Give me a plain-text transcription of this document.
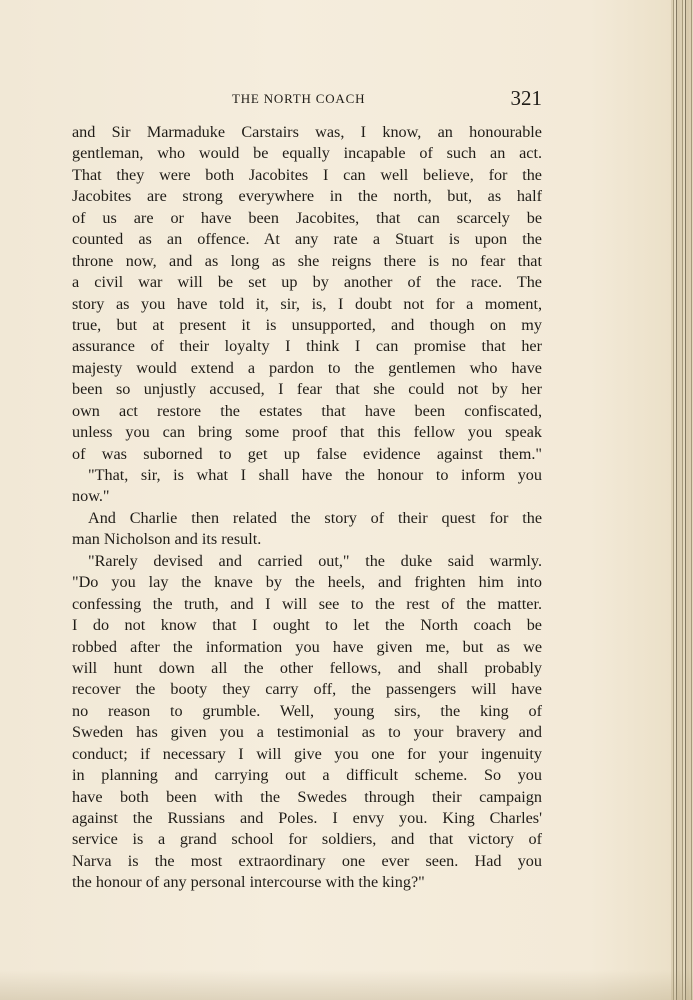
THE NORTH COACH	321
and Sir Marmaduke Carstairs was, I know, an honourable
gentleman, who would be equally incapable of such an act.
That they were both Jacobites I can well believe, for the
Jacobites are strong everywhere in the north, but, as half
of us are or have been Jacobites, that can scarcely be
counted as an offence. At any rate a Stuart is upon the
throne now, and as long as she reigns there is no fear that
a civil war will be set up by another of the race. The
story as you have told it, sir, is, I doubt not for a moment,
true, but at present it is unsupported, and though on my
assurance of their loyalty I think I can promise that her
majesty would extend a pardon to the gentlemen who have
been so unjustly accused, I fear that she could not by her
own act restore the estates that have been confiscated,
unless you can bring some proof that this fellow you speak
of was suborned to get up false evidence against them."
"That, sir, is what I shall have the honour to inform you
now."
And Charlie then related the story of their quest for the
man Nicholson and its result.
"Rarely devised and carried out," the duke said warmly.
"Do you lay the knave by the heels, and frighten him into
confessing the truth, and I will see to the rest of the matter.
I do not know that I ought to let the North coach be
robbed after the information you have given me, but as we
will hunt down all the other fellows, and shall probably
recover the booty they carry off, the passengers will have
no reason to grumble. Well, young sirs, the king of
Sweden has given you a testimonial as to your bravery and
conduct; if necessary I will give you one for your ingenuity
in planning and carrying out a difficult scheme. So you
have both been with the Swedes through their campaign
against the Russians and Poles. I envy you. King Charles'
service is a grand school for soldiers, and that victory of
Narva is the most extraordinary one ever seen. Had you
the honour of any personal intercourse with the king?"
